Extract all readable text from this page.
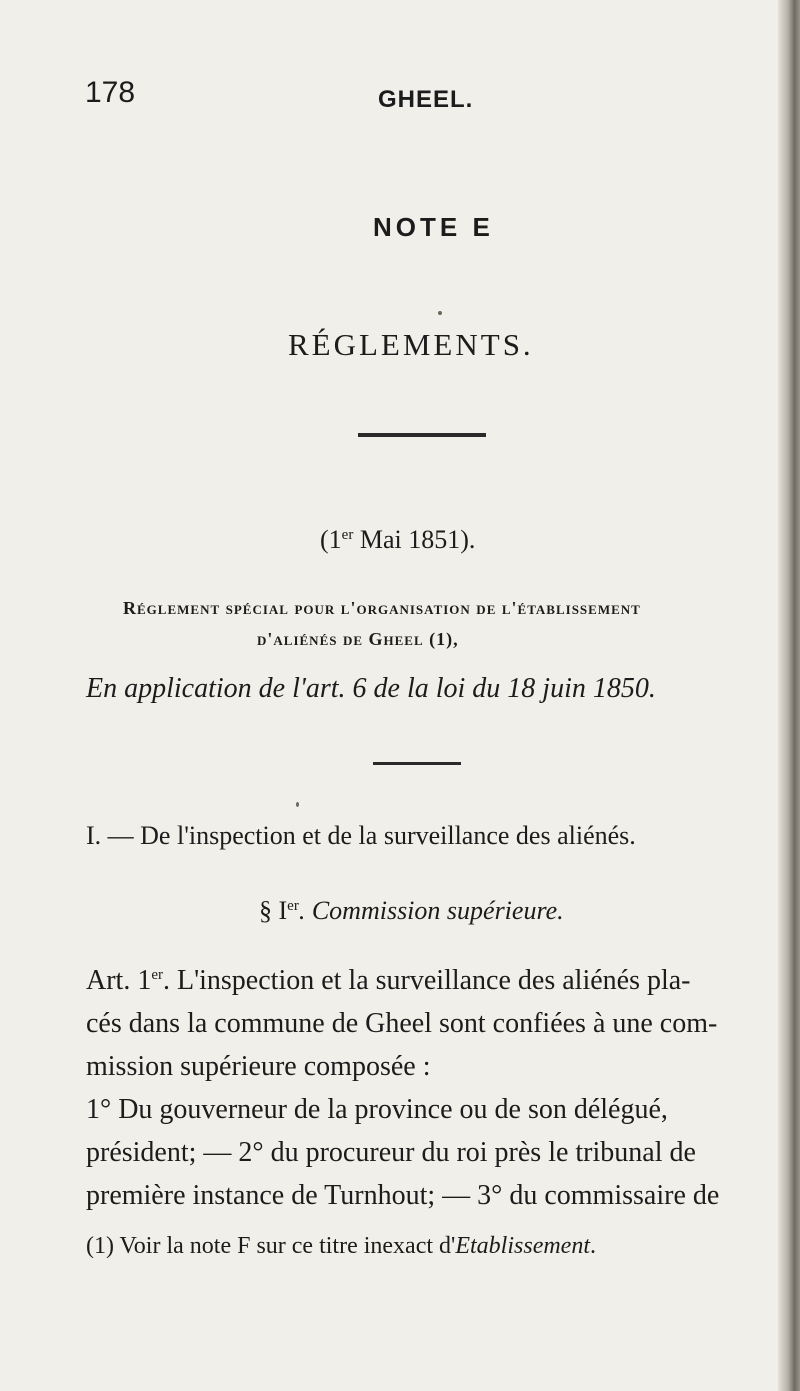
178	GHEEL.
NOTE E
RÉGLEMENTS.
(1er Mai 1851).
Réglement spécial pour l'organisation de l'établissement
d'aliénés de Gheel (1),
En application de l'art. 6 de la loi du 18 juin 1850.
I. — De l'inspection et de la surveillance des aliénés.
§ Ier. Commission supérieure.
Art. 1er. L'inspection et la surveillance des aliénés pla-
cés dans la commune de Gheel sont confiées à une com-
mission supérieure composée :
1° Du gouverneur de la province ou de son délégué,
président; — 2° du procureur du roi près le tribunal de
première instance de Turnhout; — 3° du commissaire de
(1) Voir la note F sur ce titre inexact d'Etablissement.
